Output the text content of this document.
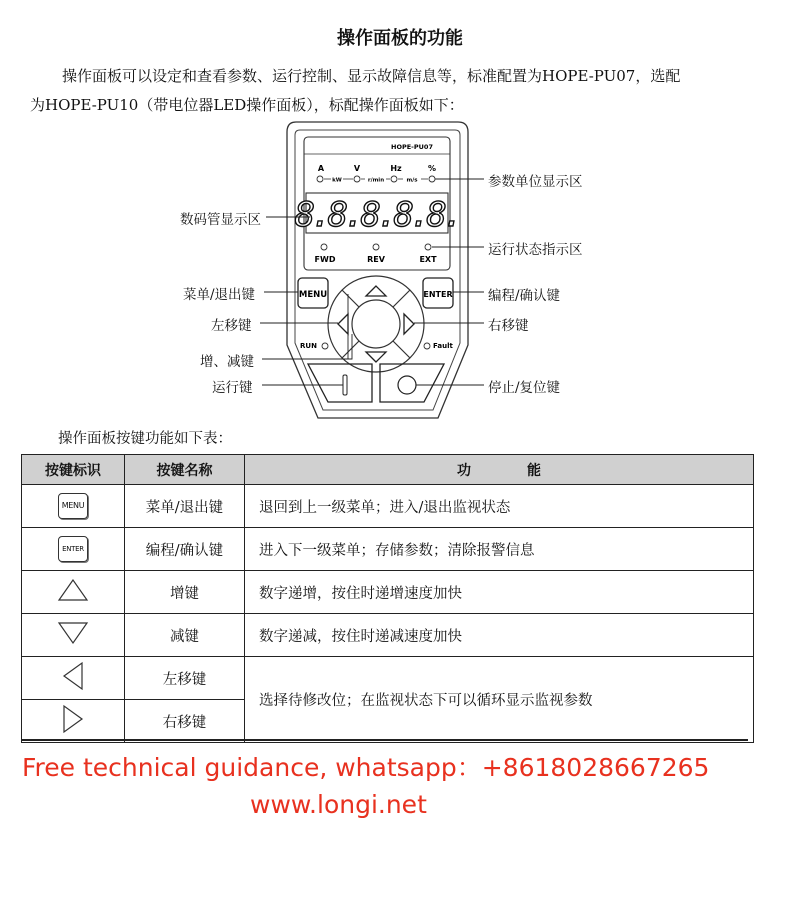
操作面板的功能

操作面板可以设定和查看参数、运行控制、显示故障信息等，标准配置为HOPE-PU07，选配

为HOPE-PU10（带电位器LED操作面板），标配操作面板如下：

HOPE-PU07
A	V	Hz	%
kW	r/min	m/s
8.8.8.8.8.
FWD	REV	EXT
MENU	ENTER
RUN	Fault
数码管显示区
参数单位显示区
运行状态指示区
菜单/退出键	编程/确认键
左移键	右移键
增、减键
运行键	停止/复位键
操作面板按键功能如下表：
按键标识	按键名称	功　　　　能
MENU	菜单/退出键	退回到上一级菜单；进入/退出监视状态
ENTER	编程/确认键	进入下一级菜单；存储参数；清除报警信息
	增键	数字递增，按住时递增速度加快
	减键	数字递减，按住时递减速度加快
	左移键	选择待修改位；在监视状态下可以循环显示监视参数
	右移键	
Free technical guidance, whatsapp：+8618028667265
www.longi.net
